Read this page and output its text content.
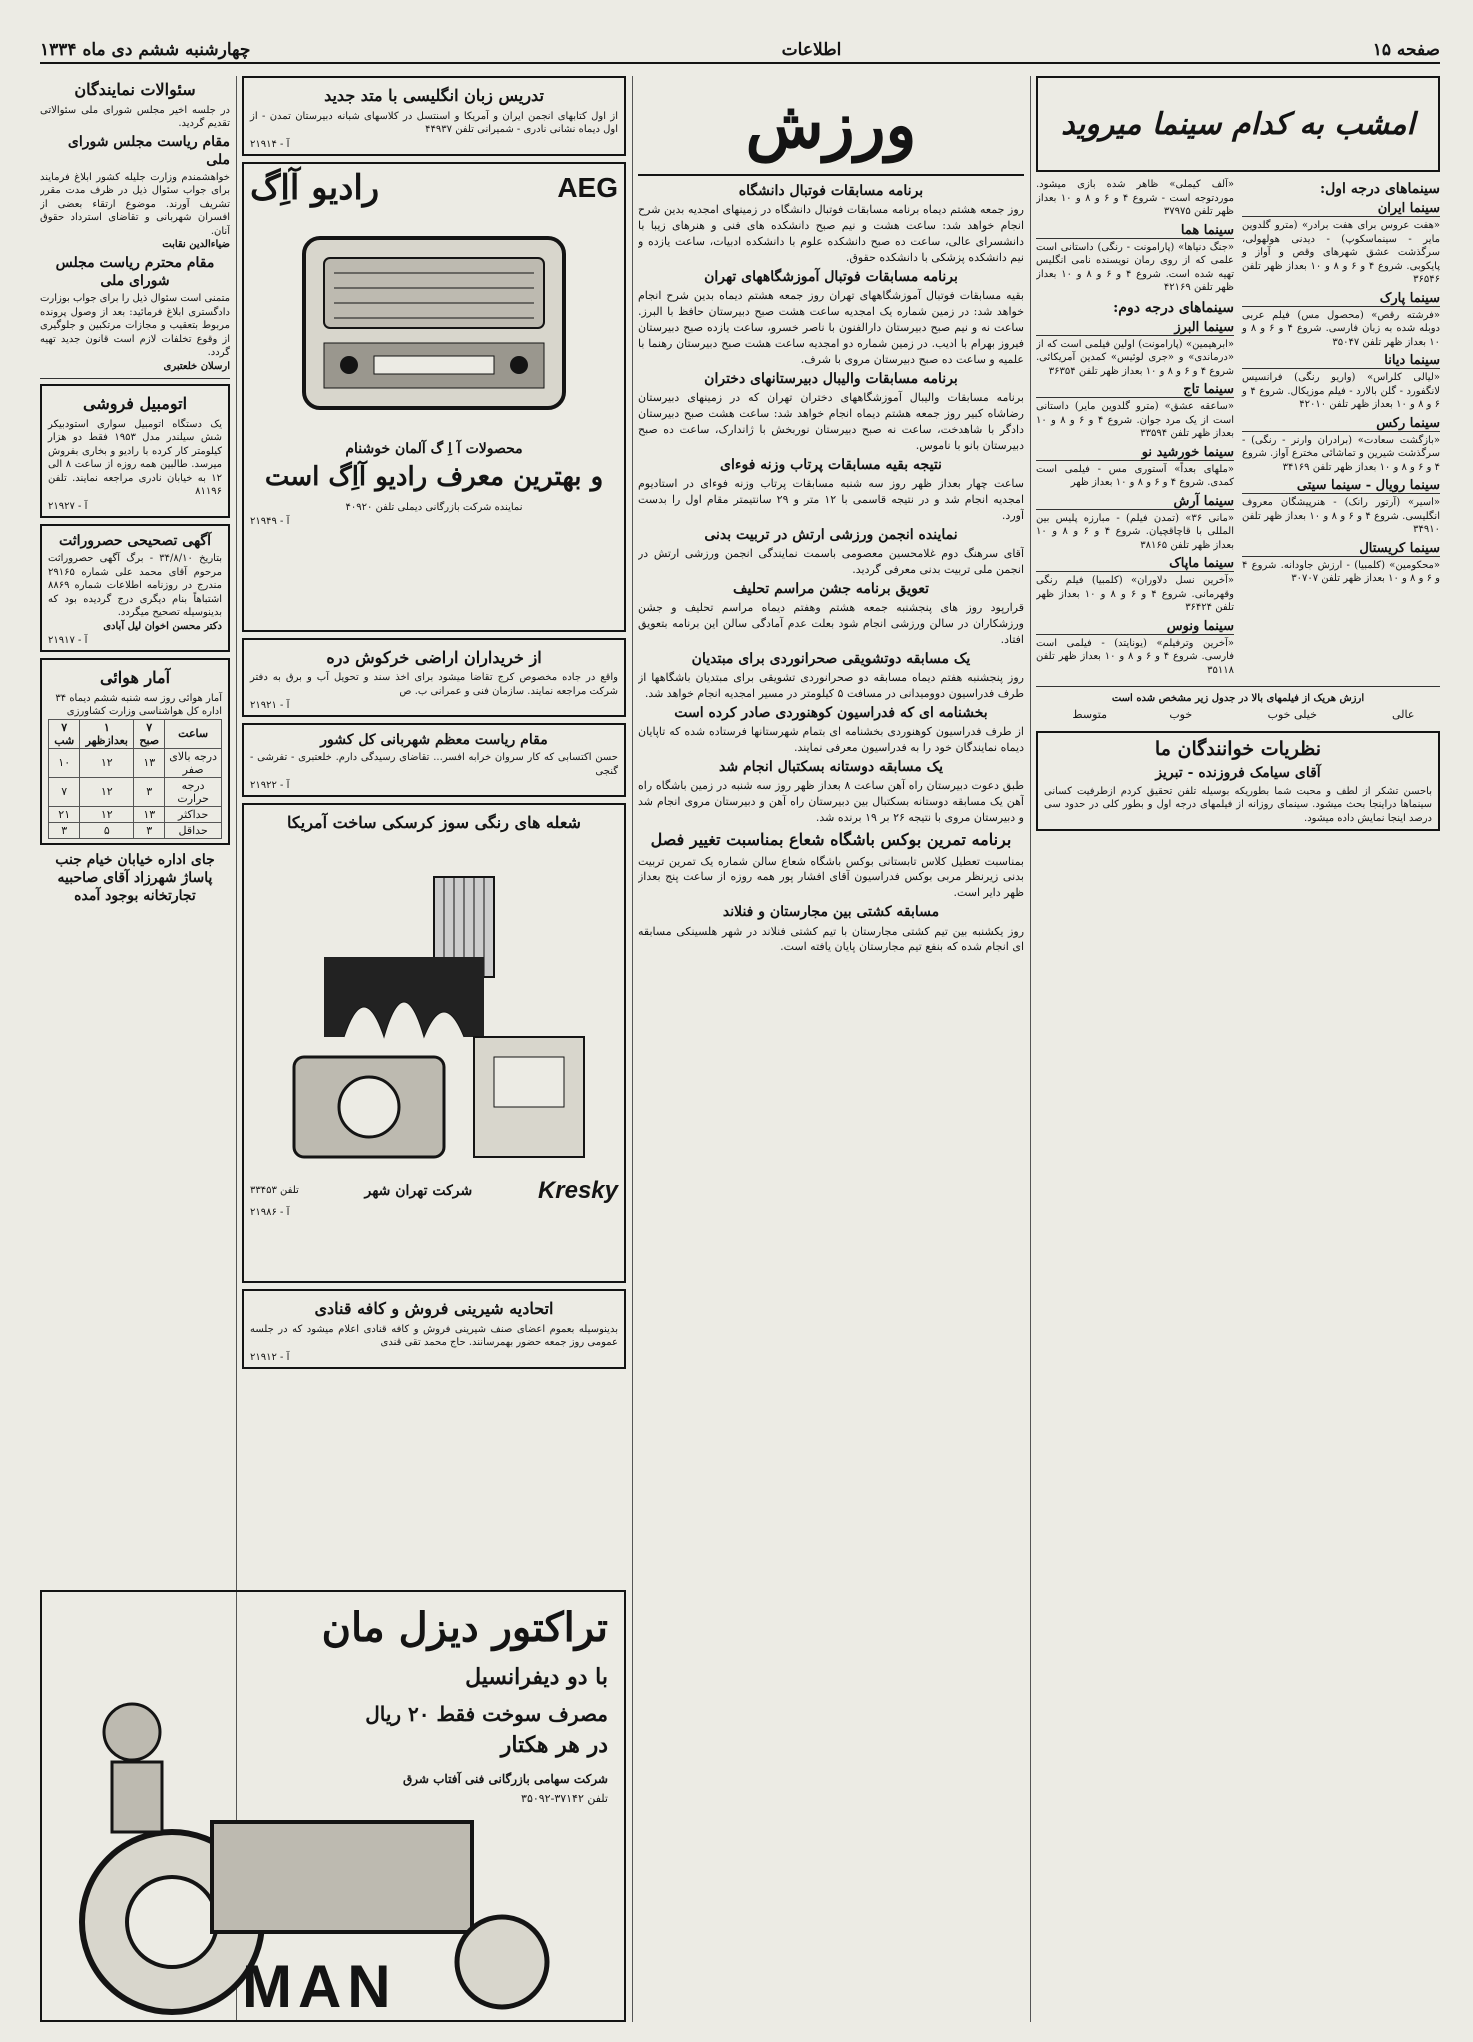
صفحه ۱۵
اطلاعات
چهارشنبه ششم دی ماه ۱۳۳۴
امشب به کدام سینما میروید
سینماهای درجه اول:
سینما ایران
«هفت عروس برای هفت برادر» (مترو گلدوین مایر - سینماسکوپ) - دیدنی هولهولی، سرگذشت عشق شهرهای وقص و آواز و پایکوبی. شروع ۴ و ۶ و ۸ و ۱۰ بعداز ظهر تلفن ۳۶۵۴۶
سینما پارک
«فرشته رقص» (محصول مس) فیلم عربی دوبله شده به زبان فارسی. شروع ۴ و ۶ و ۸ و ۱۰ بعداز ظهر تلفن ۳۵۰۴۷
سینما دیانا
«لیالی کلراس» (واریو رنگی) فرانسیس لانگفورد - گلن بالارد - فیلم موزیکال. شروع ۴ و ۶ و ۸ و ۱۰ بعداز ظهر تلفن ۴۲۰۱۰
سینما رکس
«بازگشت سعادت» (برادران وارنر - رنگی) - سرگذشت شیرین و تماشائی مخترع آواز. شروع ۴ و ۶ و ۸ و ۱۰ بعداز ظهر تلفن ۳۴۱۶۹
سینما رویال - سینما سیتی
«اسیر» (آرتور رانک) - هنرپیشگان معروف انگلیسی. شروع ۴ و ۶ و ۸ و ۱۰ بعداز ظهر تلفن ۳۴۹۱۰
سینما کریستال
«محکومین» (کلمبیا) - ارزش جاودانه. شروع ۴ و ۶ و ۸ و ۱۰ بعداز ظهر تلفن ۳۰۷۰۷
«آلف کیملی» ظاهر شده بازی میشود. موردتوجه است - شروع ۴ و ۶ و ۸ و ۱۰ بعداز ظهر تلفن ۳۷۹۷۵
سینما هما
«جنگ دنیاها» (پارامونت - رنگی) داستانی است علمی که از روی رمان نویسنده نامی انگلیس تهیه شده است. شروع ۴ و ۶ و ۸ و ۱۰ بعداز ظهر تلفن ۴۲۱۶۹
سینماهای درجه دوم:
سینما البرز
«ابرهیمین» (پارامونت) اولین فیلمی است که از «درماندی» و «جری لوئیس» کمدین آمریکائی. شروع ۴ و ۶ و ۸ و ۱۰ بعداز ظهر تلفن ۳۶۳۵۴
سینما تاج
«ساعقه عشق» (مترو گلدوین مایر) داستانی است از یک مرد جوان. شروع ۴ و ۶ و ۸ و ۱۰ بعداز ظهر تلفن ۳۳۵۹۴
سینما خورشید نو
«ملهای بعداً» آستوری مس - فیلمی است کمدی. شروع ۴ و ۶ و ۸ و ۱۰ بعداز ظهر
سینما آرش
«مانی ۳۶» (تمدن فیلم) - مبارزه پلیس بین المللی با قاچاقچیان. شروع ۴ و ۶ و ۸ و ۱۰ بعداز ظهر تلفن ۳۸۱۶۵
سینما ماپاک
«آخرین نسل دلاوران» (کلمبیا) فیلم رنگی وقهرمانی. شروع ۴ و ۶ و ۸ و ۱۰ بعداز ظهر تلفن ۳۶۴۲۴
سینما ونوس
«آخرین وترفیلم» (یونایتد) - فیلمی است فارسی. شروع ۴ و ۶ و ۸ و ۱۰ بعداز ظهر تلفن ۳۵۱۱۸
ارزش هریک از فیلمهای بالا در جدول زیر مشخص شده است
عالی	خیلی خوب	خوب	متوسط
نظریات خوانندگان ما
آقای سیامک فروزنده - تبریز
باحسن تشکر از لطف و محبت شما بطوریکه بوسیله تلفن تحقیق کردم ازطرفیت کسانی سینماها دراینجا بحث میشود. سینمای روزانه از فیلمهای درجه اول و بطور کلی در حدود سی درصد اینجا نمایش داده میشود.
ورزش
برنامه مسابقات فوتبال دانشگاه
روز جمعه هشتم دیماه برنامه مسابقات فوتبال دانشگاه در زمینهای امجدیه بدین شرح انجام خواهد شد: ساعت هشت و نیم صبح دانشکده های فنی و هنرهای زیبا با دانشسرای عالی، ساعت ده صبح دانشکده علوم با دانشکده ادبیات، ساعت یازده و نیم دانشکده پزشکی با دانشکده حقوق.
برنامه مسابقات فوتبال آموزشگاههای تهران
بقیه مسابقات فوتبال آموزشگاههای تهران روز جمعه هشتم دیماه بدین شرح انجام خواهد شد: در زمین شماره یک امجدیه ساعت هشت صبح دبیرستان حافظ با البرز. ساعت نه و نیم صبح دبیرستان دارالفنون با ناصر خسرو، ساعت یازده صبح دبیرستان فیروز بهرام با ادیب. در زمین شماره دو امجدیه ساعت هشت صبح دبیرستان رهنما با علمیه و ساعت ده صبح دبیرستان مروی با شرف.
برنامه مسابقات والیبال دبیرستانهای دختران
برنامه مسابقات والیبال آموزشگاههای دختران تهران که در زمینهای دبیرستان رضاشاه کبیر روز جمعه هشتم دیماه انجام خواهد شد: ساعت هشت صبح دبیرستان دادگر با شاهدخت، ساعت نه صبح دبیرستان نوربخش با ژاندارک، ساعت ده صبح دبیرستان بانو با ناموس.
نتیجه بقیه مسابقات پرتاب وزنه فوءای
ساعت چهار بعداز ظهر روز سه شنبه مسابقات پرتاب وزنه فوءای در استادیوم امجدیه انجام شد و در نتیجه قاسمی با ۱۲ متر و ۲۹ سانتیمتر مقام اول را بدست آورد.
نماینده انجمن ورزشی ارتش در تربیت بدنی
آقای سرهنگ دوم غلامحسین معصومی باسمت نمایندگی انجمن ورزشی ارتش در انجمن ملی تربیت بدنی معرفی گردید.
تعویق برنامه جشن مراسم تحلیف
قرارپود روز های پنجشنبه جمعه هشتم وهفتم دیماه مراسم تحلیف و جشن ورزشکاران در سالن ورزشی انجام شود بعلت عدم آمادگی سالن این برنامه بتعویق افتاد.
یک مسابقه دوتشویقی صحرانوردی برای مبتدیان
روز پنجشنبه هفتم دیماه مسابقه دو صحرانوردی تشویقی برای مبتدیان باشگاهها از طرف فدراسیون دوومیدانی در مسافت ۵ کیلومتر در مسیر امجدیه انجام خواهد شد.
بخشنامه ای که فدراسیون کوهنوردی صادر کرده است
از طرف فدراسیون کوهنوردی بخشنامه ای بتمام شهرستانها فرستاده شده که تاپایان دیماه نمایندگان خود را به فدراسیون معرفی نمایند.
یک مسابقه دوستانه بسکتبال انجام شد
طبق دعوت دبیرستان راه آهن ساعت ۸ بعداز ظهر روز سه شنبه در زمین باشگاه راه آهن یک مسابقه دوستانه بسکتبال بین دبیرستان راه آهن و دبیرستان مروی انجام شد و دبیرستان مروی با نتیجه ۲۶ بر ۱۹ برنده شد.
برنامه تمرین بوکس باشگاه شعاع بمناسبت تغییر فصل
بمناسبت تعطیل کلاس تابستانی بوکس باشگاه شعاع سالن شماره یک تمرین تربیت بدنی زیرنظر مربی بوکس فدراسیون آقای افشار پور همه روزه از ساعت پنج بعداز ظهر دایر است.
مسابقه کشتی بین مجارستان و فنلاند
روز یکشنبه بین تیم کشتی مجارستان با تیم کشتی فنلاند در شهر هلسینکی مسابقه ای انجام شده که بنفع تیم مجارستان پایان یافته است.
تدریس زبان انگلیسی با متد جدید
از اول کتابهای انجمن ایران و آمریکا و اسنتسل در کلاسهای شبانه دبیرستان تمدن - از اول دیماه نشانی نادری - شمیرانی تلفن ۴۴۹۳۷
آ - ۲۱۹۱۴
AEG
رادیو آاِگ
محصولات آ اِ گ آلمان خوشنام
و بهترین معرف رادیو آاِگ است
نماینده شرکت بازرگانی دیملی تلفن ۴۰۹۲۰
آ - ۲۱۹۴۹
از خریداران اراضی خرکوش دره
واقع در جاده مخصوص کرج تقاضا میشود برای اخذ سند و تحویل آب و برق به دفتر شرکت مراجعه نمایند. سازمان فنی و عمرانی ب. ص
آ - ۲۱۹۲۱
مقام ریاست معظم شهربانی کل کشور
حسن اکتسابی که کار سروان خرابه افسر... تقاضای رسیدگی دارم. خلعتبری - تفرشی - گنجی
آ - ۲۱۹۲۲
شعله های رنگی سوز کرسکی ساخت آمریکا
Kresky
شرکت تهران شهر
تلفن ۳۳۴۵۳
آ - ۲۱۹۸۶
اتحادیه شیرینی فروش و کافه قنادی
بدینوسیله بعموم اعضای صنف شیرینی فروش و کافه قنادی اعلام میشود که در جلسه عمومی روز جمعه حضور بهمرسانند. حاج محمد تقی قندی
آ - ۲۱۹۱۲
تراکتور دیزل مان
با دو دیفرانسیل
مصرف سوخت فقط ۲۰ ریال
در هر هکتار
شرکت سهامی بازرگانی فنی آفتاب شرق
تلفن ۳۷۱۴۲-۳۵۰۹۲
MAN
سئوالات نمایندگان
در جلسه اخیر مجلس شورای ملی سئوالاتی تقدیم گردید.
مقام ریاست مجلس شورای ملی
خواهشمندم وزارت جلیله کشور ابلاغ فرمایند برای جواب سئوال ذیل در ظرف مدت مقرر تشریف آورند. موضوع ارتقاء بعضی از افسران شهربانی و تقاضای استرداد حقوق آنان.
ضیاءالدین نقابت
مقام محترم ریاست مجلس شورای ملی
متمنی است سئوال ذیل را برای جواب بوزارت دادگستری ابلاغ فرمائید: بعد از وصول پرونده مربوط بتعقیب و مجازات مرتکبین و جلوگیری از وقوع تخلفات لازم است قانون جدید تهیه گردد.
ارسلان خلعتبری
اتومبیل فروشی
یک دستگاه اتومبیل سواری استودبیکر شش سیلندر مدل ۱۹۵۳ فقط دو هزار کیلومتر کار کرده با رادیو و بخاری بفروش میرسد. طالبین همه روزه از ساعت ۸ الی ۱۲ به خیابان نادری مراجعه نمایند. تلفن ۸۱۱۹۶
آ - ۲۱۹۲۷
آگهی تصحیحی حصروراثت
بتاریخ ۳۴/۸/۱۰ - برگ آگهی حصروراثت مرحوم آقای محمد علی شماره ۲۹۱۶۵ مندرج در روزنامه اطلاعات شماره ۸۸۶۹ اشتباهاً بنام دیگری درج گردیده بود که بدینوسیله تصحیح میگردد.
دکتر محسن اخوان لیل آبادی
آ - ۲۱۹۱۷
آمار هوائی
آمار هوائی روز سه شنبه ششم دیماه ۳۴ اداره کل هواشناسی وزارت کشاورزی
ساعت	۷ صبح	۱ بعدازظهر	۷ شب
درجه بالای صفر	۱۳	۱۲	۱۰
درجه حرارت	۳	۱۲	۷
حداکثر	۱۳	۱۲	۲۱
حداقل	۳	۵	۳
جای اداره خیابان خیام جنب پاساژ شهرزاد آقای صاحبیه تجارتخانه بوجود آمده
